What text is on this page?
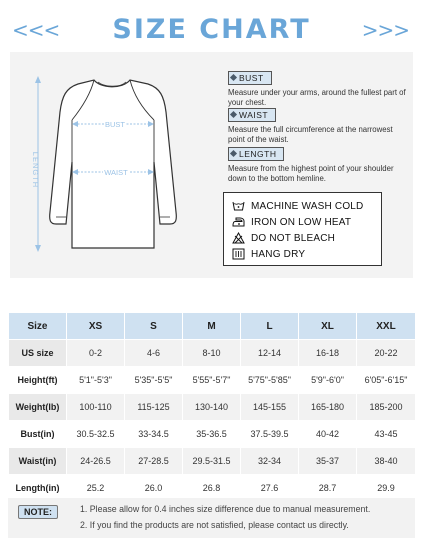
<<<	SIZE CHART	>>>
LENGTH
BUST
WAIST
BUST
Measure under your arms, around the fullest part of your chest.
WAIST
Measure the full circumference at the narrowest point of the waist.
LENGTH
Measure from the highest point of your shoulder down to the bottom hemline.
MACHINE WASH COLD
IRON ON LOW HEAT
DO NOT BLEACH
HANG DRY
Size	XS	S	M	L	XL	XXL
US size	0-2	4-6	8-10	12-14	16-18	20-22
Height(ft)	5'1"-5'3"	5'35"-5'5"	5'55"-5'7"	5'75"-5'85"	5'9"-6'0"	6'05"-6'15"
Weight(lb)	100-110	115-125	130-140	145-155	165-180	185-200
Bust(in)	30.5-32.5	33-34.5	35-36.5	37.5-39.5	40-42	43-45
Waist(in)	24-26.5	27-28.5	29.5-31.5	32-34	35-37	38-40
Length(in)	25.2	26.0	26.8	27.6	28.7	29.9
NOTE:	1. Please allow for 0.4 inches size difference due to manual measurement.
2. If you find the products are not satisfied, please contact us directly.
